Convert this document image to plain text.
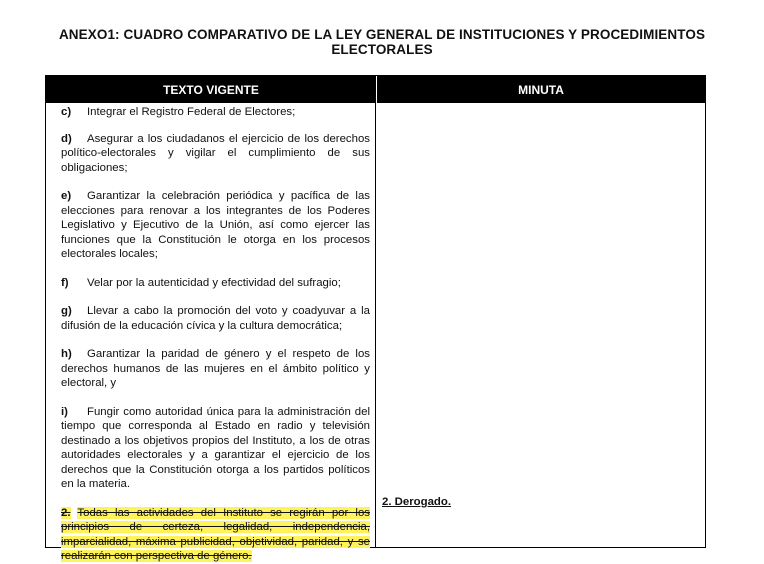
ANEXO1: CUADRO COMPARATIVO DE LA LEY GENERAL DE INSTITUCIONES Y PROCEDIMIENTOS
ELECTORALES
TEXTO VIGENTE	MINUTA

c) Integrar el Registro Federal de Electores;

d) Asegurar a los ciudadanos el ejercicio de los derechos político-electorales y vigilar el cumplimiento de sus obligaciones;

e) Garantizar la celebración periódica y pacífica de las elecciones para renovar a los integrantes de los Poderes Legislativo y Ejecutivo de la Unión, así como ejercer las funciones que la Constitución le otorga en los procesos electorales locales;

f) Velar por la autenticidad y efectividad del sufragio;

g) Llevar a cabo la promoción del voto y coadyuvar a la difusión de la educación cívica y la cultura democrática;

h) Garantizar la paridad de género y el respeto de los derechos humanos de las mujeres en el ámbito político y electoral, y

i) Fungir como autoridad única para la administración del tiempo que corresponda al Estado en radio y televisión destinado a los objetivos propios del Instituto, a los de otras autoridades electorales y a garantizar el ejercicio de los derechos que la Constitución otorga a los partidos políticos en la materia.

2. Todas las actividades del Instituto se regirán por los principios de certeza, legalidad, independencia, imparcialidad, máxima publicidad, objetividad, paridad, y se realizarán con perspectiva de género.
2. Derogado.
